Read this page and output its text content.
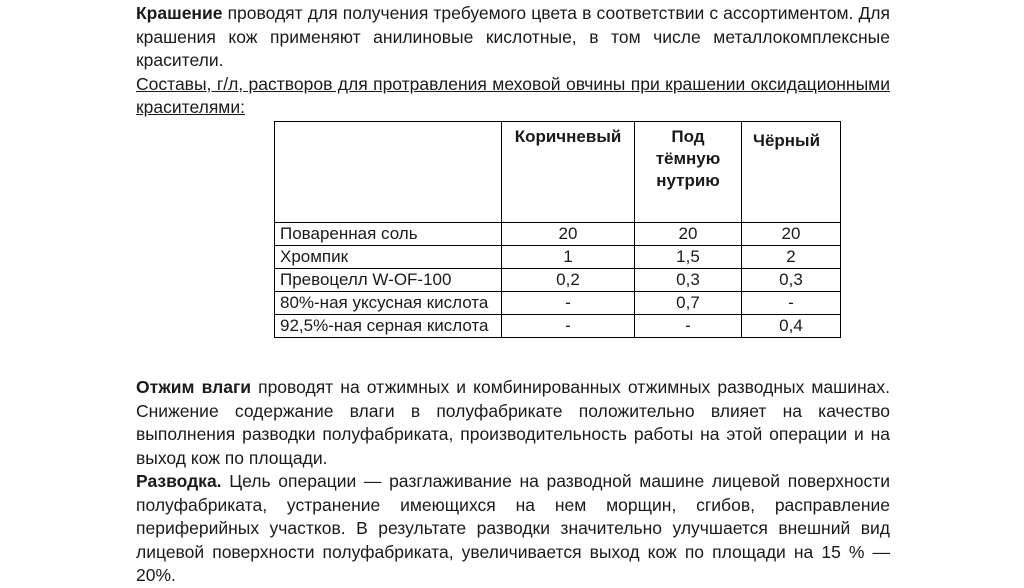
Крашение проводят для получения требуемого цвета в соответствии с ассортиментом. Для крашения кож применяют анилиновые кислотные, в том числе металлокомплексные красители.

Составы, г/л, растворов для протравления меховой овчины при крашении оксидационными красителями:

	Коричневый	Под тёмную нутрию	Чёрный
Поваренная соль	20	20	20
Хромпик	1	1,5	2
Превоцелл W-OF-100	0,2	0,3	0,3
80%-ная уксусная кислота	-	0,7	-
92,5%-ная серная кислота	-	-	0,4

Отжим влаги проводят на отжимных и комбинированных отжимных разводных машинах. Снижение содержание влаги в полуфабрикате положительно влияет на качество выполнения разводки полуфабриката, производительность работы на этой операции и на выход кож по площади.

Разводка. Цель операции — разглаживание на разводной машине лицевой поверхности полуфабриката, устранение имеющихся на нем морщин, сгибов, расправление периферийных участков. В результате разводки значительно улучшается внешний вид лицевой поверхности полуфабриката, увеличивается выход кож по площади на 15 % — 20%.
